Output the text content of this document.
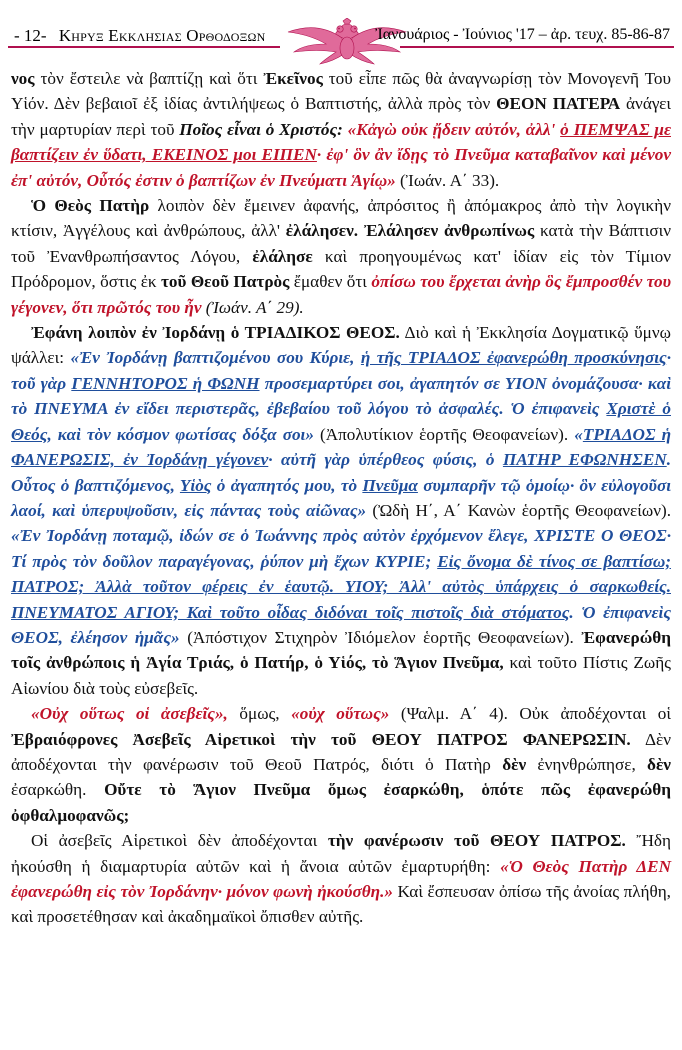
- 12- Κηρυξ Εκκλησιας Ορθοδοξων	Ἰανουάριος - Ἰούνιος '17 – ἀρ. τευχ. 85-86-87

νος τὸν ἔστειλε νὰ βαπτίζῃ καὶ ὅτι Ἐκεῖνος τοῦ εἶπε πῶς θὰ ἀναγνωρίσῃ τὸν Μονογενῆ Του Υἱόν. Δὲν βεβαιοῖ ἐξ ἰδίας ἀντιλήψεως ὁ Βαπτιστής, ἀλλὰ πρὸς τὸν ΘΕΟΝ ΠΑΤΕΡΑ ἀνάγει τὴν μαρτυρίαν περὶ τοῦ Ποῖος εἶναι ὁ Χριστός: «Κἀγὼ οὐκ ᾔδειν αὐτόν, ἀλλ' ὁ ΠΕΜΨΑΣ με βαπτίζειν ἐν ὕδατι, ΕΚΕΙΝΟΣ μοι ΕΙΠΕΝ· ἐφ' ὃν ἂν ἴδῃς τὸ Πνεῦμα καταβαῖνον καὶ μένον ἐπ' αὐτόν, Οὗτός ἐστιν ὁ βαπτίζων ἐν Πνεύματι Ἁγίῳ» (Ἰωάν. Α΄ 33).

Ὁ Θεὸς Πατὴρ λοιπὸν δὲν ἔμεινεν ἀφανής, ἀπρόσιτος ἢ ἀπόμακρος ἀπὸ τὴν λογικὴν κτίσιν, Ἀγγέλους καὶ ἀνθρώπους, ἀλλ' ἐλάλησεν. Ἐλάλησεν ἀνθρωπίνως κατὰ τὴν Βάπτισιν τοῦ Ἐνανθρωπήσαντος Λόγου, ἐλάλησε καὶ προηγουμένως κατ' ἰδίαν εἰς τὸν Τίμιον Πρόδρομον, ὅστις ἐκ τοῦ Θεοῦ Πατρὸς ἔμαθεν ὅτι ὀπίσω του ἔρχεται ἀνὴρ ὃς ἔμπροσθέν του γέγονεν, ὅτι πρῶτός του ἦν (Ἰωάν. Α΄ 29).

Ἐφάνη λοιπὸν ἐν Ἰορδάνῃ ὁ ΤΡΙΑΔΙΚΟΣ ΘΕΟΣ. Διὸ καὶ ἡ Ἐκκλησία Δογματικῷ ὕμνῳ ψάλλει: «Ἐν Ἰορδάνῃ βαπτιζομένου σου Κύριε, ἡ τῆς ΤΡΙΑΔΟΣ ἐφανερώθη προσκύνησις· τοῦ γὰρ ΓΕΝΝΗΤΟΡΟΣ ἡ ΦΩΝΗ προσεμαρτύρει σοι, ἀγαπητόν σε ΥΙΟΝ ὀνομάζουσα· καὶ τὸ ΠΝΕΥΜΑ ἐν εἴδει περιστερᾶς, ἐβεβαίου τοῦ λόγου τὸ ἀσφαλές. Ὁ ἐπιφανεὶς Χριστὲ ὁ Θεός, καὶ τὸν κόσμον φωτίσας δόξα σοι» (Ἀπολυτίκιον ἑορτῆς Θεοφανείων). «ΤΡΙΑΔΟΣ ἡ ΦΑΝΕΡΩΣΙΣ, ἐν Ἰορδάνῃ γέγονεν· αὐτῆ γὰρ ὑπέρθεος φύσις, ὁ ΠΑΤΗΡ ΕΦΩΝΗΣΕΝ. Οὗτος ὁ βαπτιζόμενος, Υἱὸς ὁ ἀγαπητός μου, τὸ Πνεῦμα συμπαρῆν τῷ ὁμοίῳ· ὃν εὐλογοῦσι λαοί, καὶ ὑπερυψοῦσιν, εἰς πάντας τοὺς αἰῶνας» (Ὠδὴ Η΄, Α΄ Κανὼν ἑορτῆς Θεοφανείων). «Ἐν Ἰορδάνῃ ποταμῷ, ἰδών σε ὁ Ἰωάννης πρὸς αὐτὸν ἐρχόμενον ἔλεγε, ΧΡΙΣΤΕ Ο ΘΕΟΣ· Τί πρὸς τὸν δοῦλον παραγέγονας, ῥύπον μὴ ἔχων ΚΥΡΙΕ; Εἰς ὄνομα δὲ τίνος σε βαπτίσω; ΠΑΤΡΟΣ; Ἀλλὰ τοῦτον φέρεις ἐν ἑαυτῷ. ΥΙΟΥ; Ἀλλ' αὐτὸς ὑπάρχεις ὁ σαρκωθείς. ΠΝΕΥΜΑΤΟΣ ΑΓΙΟΥ; Καὶ τοῦτο οἶδας διδόναι τοῖς πιστοῖς διὰ στόματος. Ὁ ἐπιφανεὶς ΘΕΟΣ, ἐλέησον ἡμᾶς» (Ἀπόστιχον Στιχηρὸν Ἰδιόμελον ἑορτῆς Θεοφανείων). Ἐφανερώθη τοῖς ἀνθρώποις ἡ Ἁγία Τριάς, ὁ Πατήρ, ὁ Υἱός, τὸ Ἅγιον Πνεῦμα, καὶ τοῦτο Πίστις Ζωῆς Αἰωνίου διὰ τοὺς εὐσεβεῖς.

«Οὐχ οὕτως οἱ ἀσεβεῖς», ὅμως, «οὐχ οὕτως» (Ψαλμ. Α΄ 4). Οὐκ ἀποδέχονται οἱ Ἐβραιόφρονες Ἀσεβεῖς Αἱρετικοὶ τὴν τοῦ ΘΕΟΥ ΠΑΤΡΟΣ ΦΑΝΕΡΩΣΙΝ. Δὲν ἀποδέχονται τὴν φανέρωσιν τοῦ Θεοῦ Πατρός, διότι ὁ Πατὴρ δὲν ἐνηνθρώπησε, δὲν ἐσαρκώθη. Οὔτε τὸ Ἅγιον Πνεῦμα ὅμως ἐσαρκώθη, ὁπότε πῶς ἐφανερώθη ὀφθαλμοφανῶς;

Οἱ ἀσεβεῖς Αἱρετικοὶ δὲν ἀποδέχονται τὴν φανέρωσιν τοῦ ΘΕΟΥ ΠΑΤΡΟΣ. Ἤδη ἠκούσθη ἡ διαμαρτυρία αὐτῶν καὶ ἡ ἄνοια αὐτῶν ἐμαρτυρήθη: «Ὁ Θεὸς Πατὴρ ΔΕΝ ἐφανερώθη εἰς τὸν Ἰορδάνην· μόνον φωνὴ ἠκούσθη.» Καὶ ἔσπευσαν ὀπίσω τῆς ἀνοίας πλήθη, καὶ προσετέθησαν καὶ ἀκαδημαϊκοὶ ὄπισθεν αὐτῆς.
